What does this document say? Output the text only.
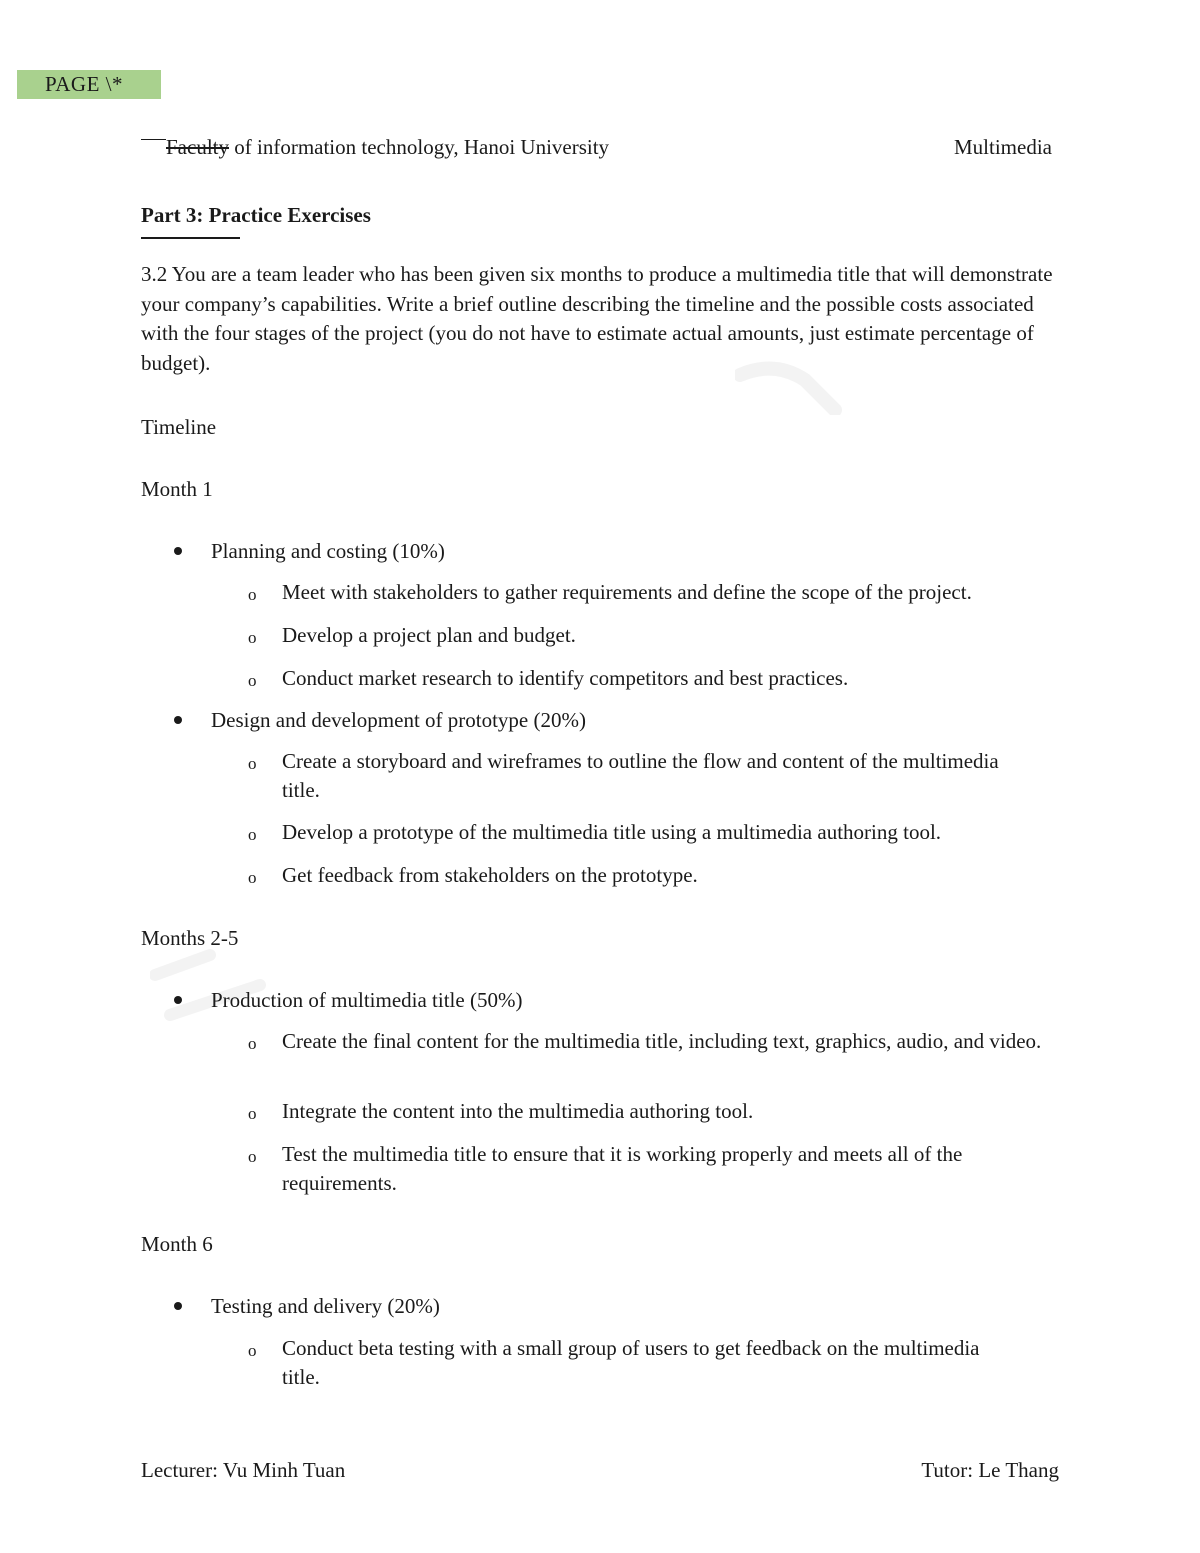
PAGE \*
Faculty of information technology, Hanoi University	Multimedia
Part 3: Practice Exercises

3.2 You are a team leader who has been given six months to produce a multimedia title that will demonstrate your company’s capabilities. Write a brief outline describing the timeline and the possible costs associated with the four stages of the project (you do not have to estimate actual amounts, just estimate percentage of budget).

Timeline
Month 1
Planning and costing (10%)
o Meet with stakeholders to gather requirements and define the scope of the project.

o Develop a project plan and budget.

o Conduct market research to identify competitors and best practices.

Design and development of prototype (20%)
o Create a storyboard and wireframes to outline the flow and content of the multimedia title.

o Develop a prototype of the multimedia title using a multimedia authoring tool.

o Get feedback from stakeholders on the prototype.

Months 2-5
Production of multimedia title (50%)
o Create the final content for the multimedia title, including text, graphics, audio, and video.

o Integrate the content into the multimedia authoring tool.

o Test the multimedia title to ensure that it is working properly and meets all of the requirements.

Month 6
Testing and delivery (20%)
o Conduct beta testing with a small group of users to get feedback on the multimedia title.

Lecturer: Vu Minh Tuan	Tutor: Le Thang
